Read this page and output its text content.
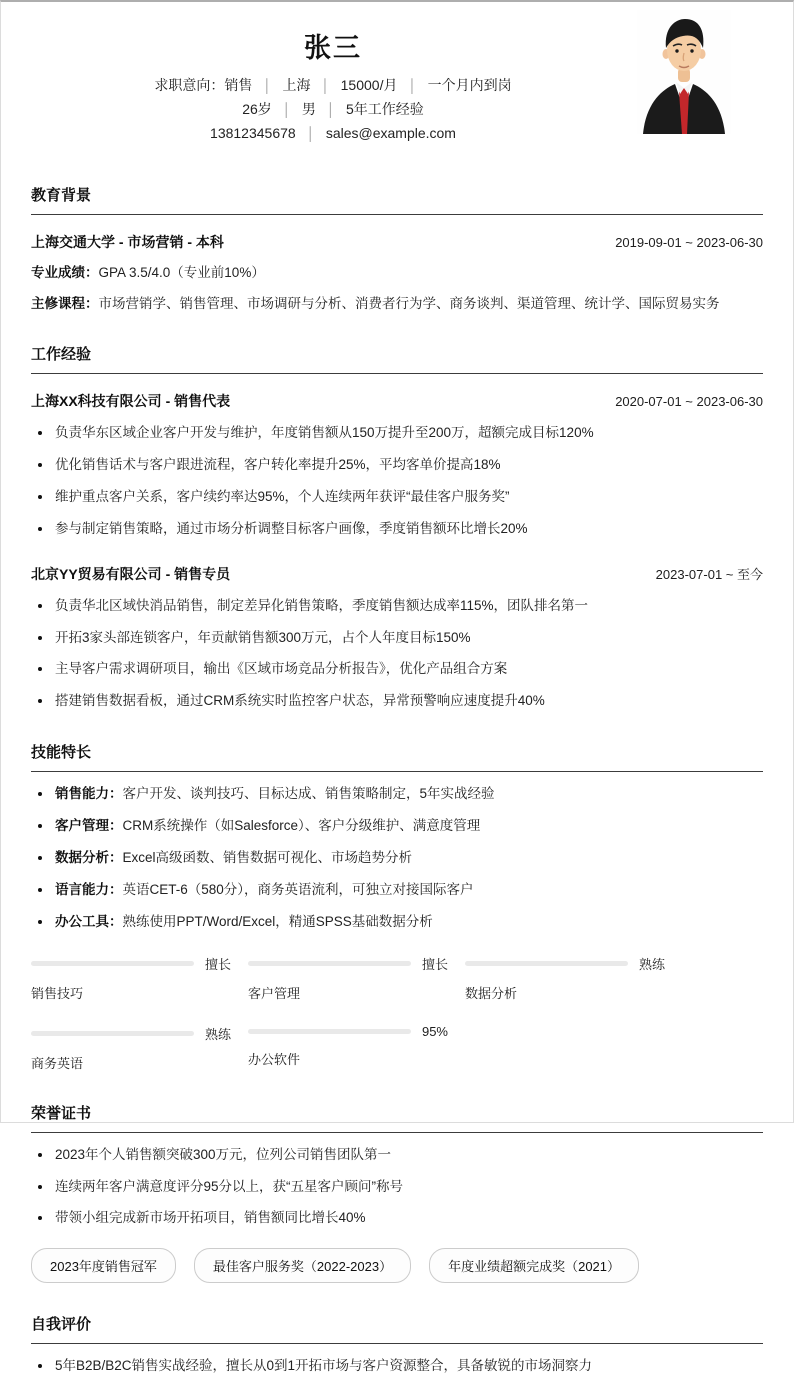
张三
求职意向：销售 │ 上海 │ 15000/月 │ 一个月内到岗
26岁 │ 男 │ 5年工作经验
13812345678 │ sales@example.com
教育背景
上海交通大学 - 市场营销 - 本科	2019-09-01 ~ 2023-06-30
专业成绩：GPA 3.5/4.0（专业前10%）
主修课程：市场营销学、销售管理、市场调研与分析、消费者行为学、商务谈判、渠道管理、统计学、国际贸易实务
工作经验
上海XX科技有限公司 - 销售代表	2020-07-01 ~ 2023-06-30
负责华东区域企业客户开发与维护，年度销售额从150万提升至200万，超额完成目标120%
优化销售话术与客户跟进流程，客户转化率提升25%，平均客单价提高18%
维护重点客户关系，客户续约率达95%，个人连续两年获评“最佳客户服务奖”
参与制定销售策略，通过市场分析调整目标客户画像，季度销售额环比增长20%
北京YY贸易有限公司 - 销售专员	2023-07-01 ~ 至今
负责华北区域快消品销售，制定差异化销售策略，季度销售额达成率115%，团队排名第一
开拓3家头部连锁客户，年贡献销售额300万元，占个人年度目标150%
主导客户需求调研项目，输出《区域市场竞品分析报告》，优化产品组合方案
搭建销售数据看板，通过CRM系统实时监控客户状态，异常预警响应速度提升40%
技能特长
销售能力：客户开发、谈判技巧、目标达成、销售策略制定，5年实战经验
客户管理：CRM系统操作（如Salesforce）、客户分级维护、满意度管理
数据分析：Excel高级函数、销售数据可视化、市场趋势分析
语言能力：英语CET-6（580分），商务英语流利，可独立对接国际客户
办公工具：熟练使用PPT/Word/Excel，精通SPSS基础数据分析
擅长
销售技巧
擅长
客户管理
熟练
数据分析
熟练
商务英语
95%
办公软件
荣誉证书
2023年个人销售额突破300万元，位列公司销售团队第一
连续两年客户满意度评分95分以上，获“五星客户顾问”称号
带领小组完成新市场开拓项目，销售额同比增长40%
2023年度销售冠军	最佳客户服务奖（2022-2023）	年度业绩超额完成奖（2021）
自我评价
5年B2B/B2C销售实战经验，擅长从0到1开拓市场与客户资源整合，具备敏锐的市场洞察力
